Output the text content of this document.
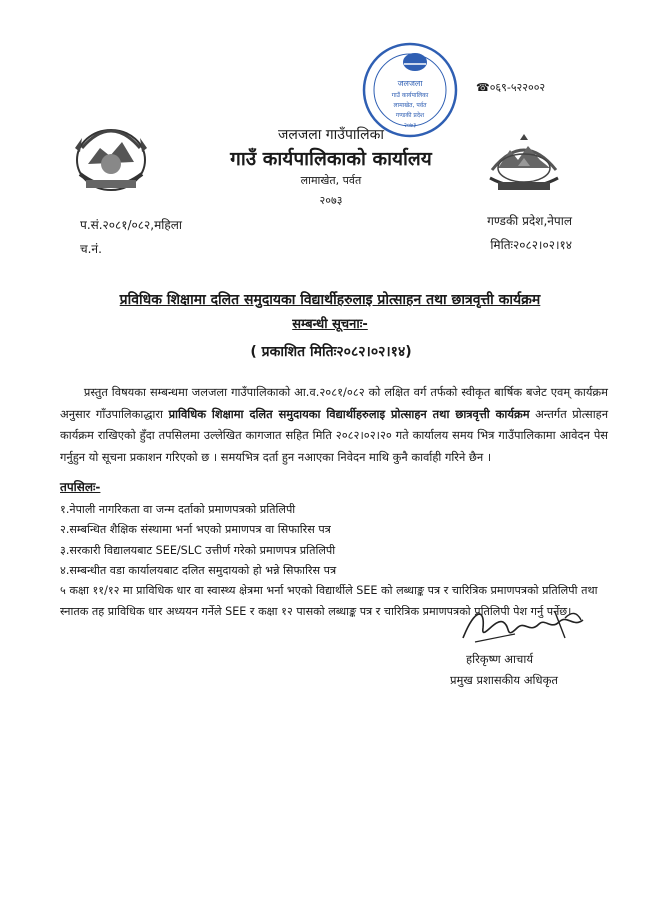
जलजला
गाउँ कार्यपालिका
लामाखेत, पर्वत
गण्डकी प्रदेश
२०७३
☎०६९-५२२००२
जलजला गाउँपालिका
गाउँ कार्यपालिकाको कार्यालय
लामाखेत, पर्वत
२०७३
प.सं.२०८१/०८२,महिला
च.नं.
गण्डकी प्रदेश,नेपाल
मितिः२०८२।०२।१४
प्रविधिक शिक्षामा दलित समुदायका विद्यार्थीहरुलाइ प्रोत्साहन तथा छात्रवृत्ती कार्यक्रम
सम्बन्धी सूचनाः-
( प्रकाशित मितिः२०८२।०२।१४)
प्रस्तुत विषयका सम्बन्धमा जलजला गाउँपालिकाको आ.व.२०८१/०८२ को लक्षित वर्ग तर्फको स्वीकृत बार्षिक बजेट एवम् कार्यक्रम अनुसार गाँउपालिकाद्धारा प्राविधिक शिक्षामा दलित समुदायका विद्यार्थीहरुलाइ प्रोत्साहन तथा छात्रवृत्ती कार्यक्रम अन्तर्गत प्रोत्साहन कार्यक्रम राखिएको हुँदा तपसिलमा उल्लेखित कागजात सहित मिति २०८२।०२।२० गते कार्यालय समय भित्र गाउँपालिकामा आवेदन पेस गर्नुहुन यो सूचना प्रकाशन गरिएको छ । समयभित्र दर्ता हुन नआएका निवेदन माथि कुनै कार्वाही गरिने छैन ।
तपसिलः-
१.नेपाली नागरिकता वा जन्म दर्ताको प्रमाणपत्रको प्रतिलिपी
२.सम्बन्धित शैक्षिक संस्थामा भर्ना भएको प्रमाणपत्र वा सिफारिस पत्र
३.सरकारी विद्यालयबाट SEE/SLC उत्तीर्ण गरेको प्रमाणपत्र प्रतिलिपी
४.सम्बन्धीत वडा कार्यालयबाट दलित समुदायको हो भन्ने सिफारिस पत्र
५ कक्षा ११/१२ मा प्राविधिक धार वा स्वास्थ्य क्षेत्रमा भर्ना भएको विद्यार्थीले SEE को लब्धाङ्क पत्र र चारित्रिक प्रमाणपत्रको प्रतिलिपी तथा स्नातक तह प्राविधिक धार अध्ययन गर्नेले SEE र कक्षा १२ पासको लब्धाङ्क पत्र र चारित्रिक प्रमाणपत्रको प्रतिलिपी पेश गर्नु पर्नेछ।
हरिकृष्ण आचार्य
प्रमुख प्रशासकीय अधिकृत
